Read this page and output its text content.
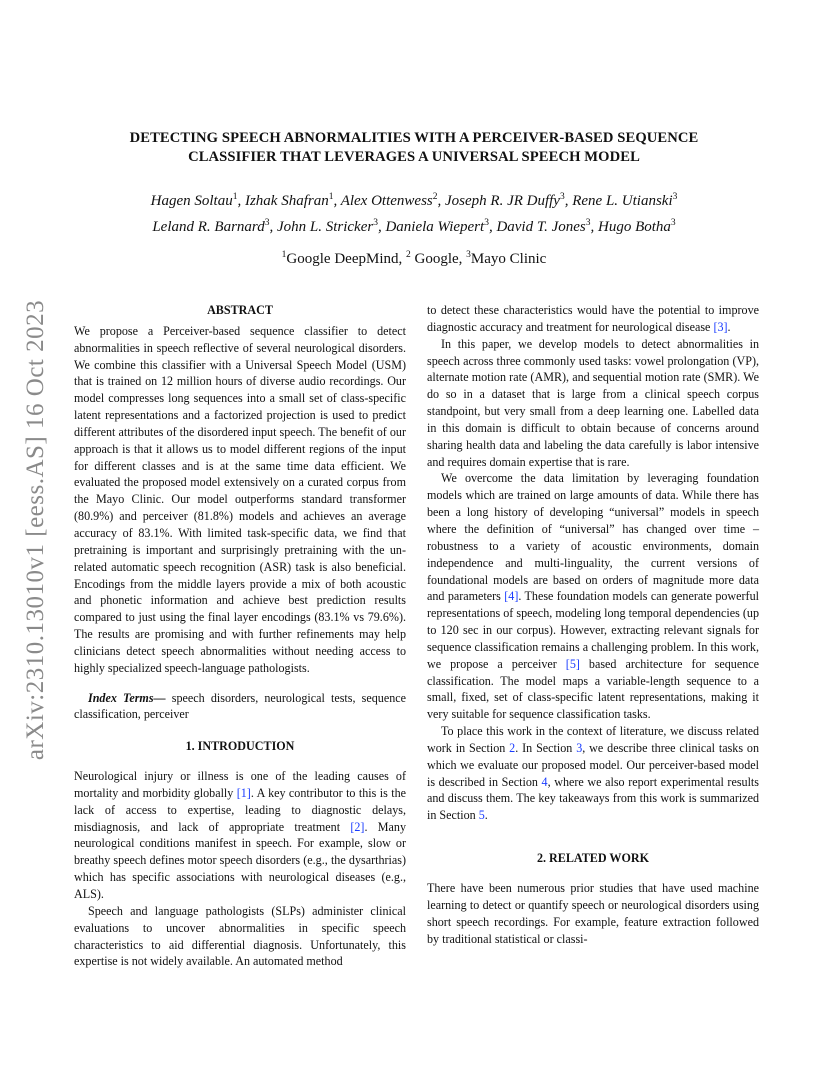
arXiv:2310.13010v1 [eess.AS] 16 Oct 2023
DETECTING SPEECH ABNORMALITIES WITH A PERCEIVER-BASED SEQUENCE
CLASSIFIER THAT LEVERAGES A UNIVERSAL SPEECH MODEL
Hagen Soltau$^1$, Izhak Shafran$^1$, Alex Ottenwess$^2$, Joseph R. JR Duffy$^3$, Rene L. Utianski$^3$
Leland R. Barnard$^3$, John L. Stricker$^3$, Daniela Wiepert$^3$, David T. Jones$^3$, Hugo Botha$^3$
$^1$Google DeepMind, $^2$ Google, $^3$Mayo Clinic
ABSTRACT

We propose a Perceiver-based sequence classifier to detect abnormalities in speech reflective of several neurological disorders. We combine this classifier with a Universal Speech Model (USM) that is trained on 12 million hours of diverse audio recordings. Our model compresses long sequences into a small set of class-specific latent representations and a factorized projection is used to predict different attributes of the disordered input speech. The benefit of our approach is that it allows us to model different regions of the input for different classes and is at the same time data efficient. We evaluated the proposed model extensively on a curated corpus from the Mayo Clinic. Our model outperforms standard transformer (80.9%) and perceiver (81.8%) models and achieves an average accuracy of 83.1%. With limited task-specific data, we find that pretraining is important and surprisingly pretraining with the un-related automatic speech recognition (ASR) task is also beneficial. Encodings from the middle layers provide a mix of both acoustic and phonetic information and achieve best prediction results compared to just using the final layer encodings (83.1% vs 79.6%). The results are promising and with further refinements may help clinicians detect speech abnormalities without needing access to highly specialized speech-language pathologists.

Index Terms— speech disorders, neurological tests, sequence classification, perceiver

1. INTRODUCTION

Neurological injury or illness is one of the leading causes of mortality and morbidity globally [1]. A key contributor to this is the lack of access to expertise, leading to diagnostic delays, misdiagnosis, and lack of appropriate treatment [2]. Many neurological conditions manifest in speech. For example, slow or breathy speech defines motor speech disorders (e.g., the dysarthrias) which has specific associations with neurological diseases (e.g., ALS).

Speech and language pathologists (SLPs) administer clinical evaluations to uncover abnormalities in specific speech characteristics to aid differential diagnosis. Unfortunately, this expertise is not widely available. An automated method

to detect these characteristics would have the potential to improve diagnostic accuracy and treatment for neurological disease [3].

In this paper, we develop models to detect abnormalities in speech across three commonly used tasks: vowel prolongation (VP), alternate motion rate (AMR), and sequential motion rate (SMR). We do so in a dataset that is large from a clinical speech corpus standpoint, but very small from a deep learning one. Labelled data in this domain is difficult to obtain because of concerns around sharing health data and labeling the data carefully is labor intensive and requires domain expertise that is rare.

We overcome the data limitation by leveraging foundation models which are trained on large amounts of data. While there has been a long history of developing “universal” models in speech where the definition of “universal” has changed over time – robustness to a variety of acoustic environments, domain independence and multi-linguality, the current versions of foundational models are based on orders of magnitude more data and parameters [4]. These foundation models can generate powerful representations of speech, modeling long temporal dependencies (up to 120 sec in our corpus). However, extracting relevant signals for sequence classification remains a challenging problem. In this work, we propose a perceiver [5] based architecture for sequence classification. The model maps a variable-length sequence to a small, fixed, set of class-specific latent representations, making it very suitable for sequence classification tasks.

To place this work in the context of literature, we discuss related work in Section 2. In Section 3, we describe three clinical tasks on which we evaluate our proposed model. Our perceiver-based model is described in Section 4, where we also report experimental results and discuss them. The key takeaways from this work is summarized in Section 5.

2. RELATED WORK

There have been numerous prior studies that have used machine learning to detect or quantify speech or neurological disorders using short speech recordings. For example, feature extraction followed by traditional statistical or classi-
